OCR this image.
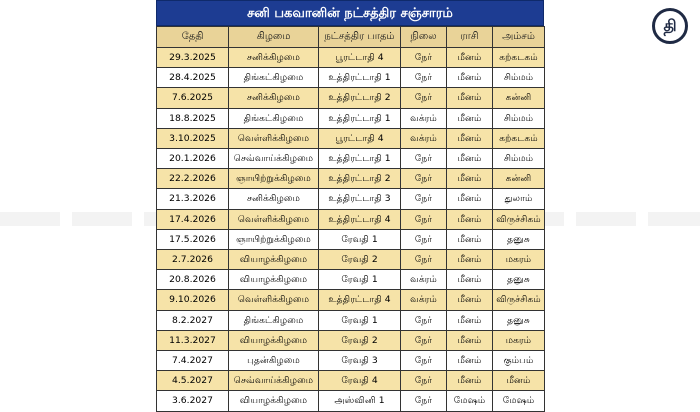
தி
சனி பகவானின் நட்சத்திர சஞ்சாரம்
தேதி	கிழமை	நட்சத்திர பாதம்	நிலை	ராசி	அம்சம்
29.3.2025	சனிக்கிழமை	பூரட்டாதி 4	நேர்	மீனம்	கற்கடகம்
28.4.2025	திங்கட்கிழமை	உத்திரட்டாதி 1	நேர்	மீனம்	சிம்மம்
7.6.2025	சனிக்கிழமை	உத்திரட்டாதி 2	நேர்	மீனம்	கன்னி
18.8.2025	திங்கட்கிழமை	உத்திரட்டாதி 1	வக்ரம்	மீனம்	சிம்மம்
3.10.2025	வெள்ளிக்கிழமை	பூரட்டாதி 4	வக்ரம்	மீனம்	கற்கடகம்
20.1.2026	செவ்வாய்க்கிழமை	உத்திரட்டாதி 1	நேர்	மீனம்	சிம்மம்
22.2.2026	ஞாயிற்றுக்கிழமை	உத்திரட்டாதி 2	நேர்	மீனம்	கன்னி
21.3.2026	சனிக்கிழமை	உத்திரட்டாதி 3	நேர்	மீனம்	துலாம்
17.4.2026	வெள்ளிக்கிழமை	உத்திரட்டாதி 4	நேர்	மீனம்	விருச்சிகம்
17.5.2026	ஞாயிற்றுக்கிழமை	ரேவதி 1	நேர்	மீனம்	தனுசு
2.7.2026	வியாழக்கிழமை	ரேவதி 2	நேர்	மீனம்	மகரம்
20.8.2026	வியாழக்கிழமை	ரேவதி 1	வக்ரம்	மீனம்	தனுசு
9.10.2026	வெள்ளிக்கிழமை	உத்திரட்டாதி 4	வக்ரம்	மீனம்	விருச்சிகம்
8.2.2027	திங்கட்கிழமை	ரேவதி 1	நேர்	மீனம்	தனுசு
11.3.2027	வியாழக்கிழமை	ரேவதி 2	நேர்	மீனம்	மகரம்
7.4.2027	புதன்கிழமை	ரேவதி 3	நேர்	மீனம்	கும்பம்
4.5.2027	செவ்வாய்க்கிழமை	ரேவதி 4	நேர்	மீனம்	மீனம்
3.6.2027	வியாழக்கிழமை	அஸ்வினி 1	நேர்	மேஷம்	மேஷம்
